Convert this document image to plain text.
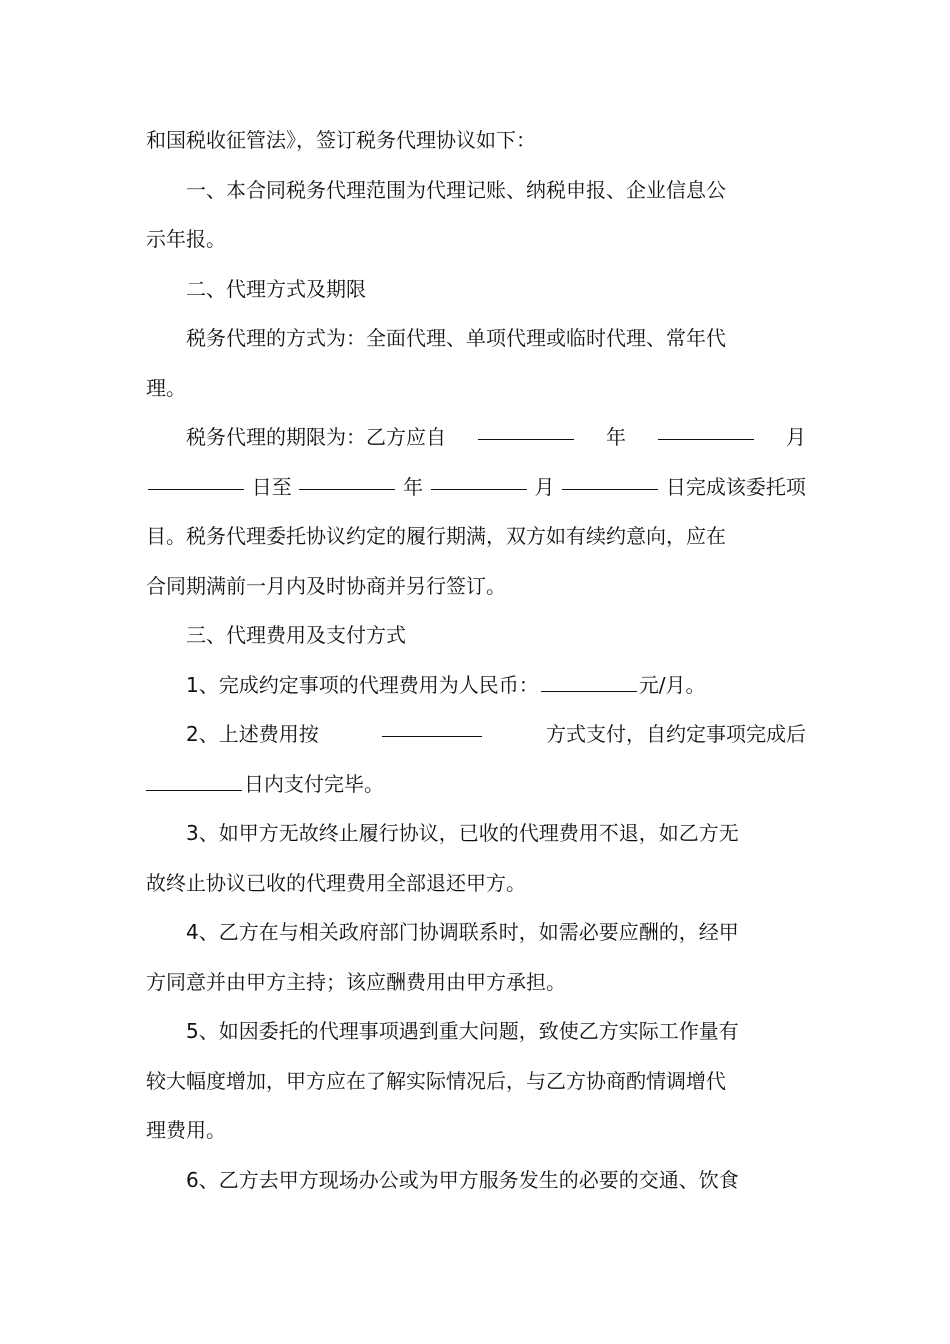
和国税收征管法》，签订税务代理协议如下：
一、本合同税务代理范围为代理记账、纳税申报、企业信息公
示年报。
二、代理方式及期限
税务代理的方式为：全面代理、单项代理或临时代理、常年代
理。
税务代理的期限为：乙方应自	年	月
日至	年	月	日完成该委托项
目。税务代理委托协议约定的履行期满，双方如有续约意向，应在
合同期满前一月内及时协商并另行签订。
三、代理费用及支付方式
1、完成约定事项的代理费用为人民币：	元/月。
2、上述费用按	方式支付，自约定事项完成后
日内支付完毕。
3、如甲方无故终止履行协议，已收的代理费用不退，如乙方无
故终止协议已收的代理费用全部退还甲方。
4、乙方在与相关政府部门协调联系时，如需必要应酬的，经甲
方同意并由甲方主持；该应酬费用由甲方承担。
5、如因委托的代理事项遇到重大问题，致使乙方实际工作量有
较大幅度增加，甲方应在了解实际情况后，与乙方协商酌情调增代
理费用。
6、乙方去甲方现场办公或为甲方服务发生的必要的交通、饮食
